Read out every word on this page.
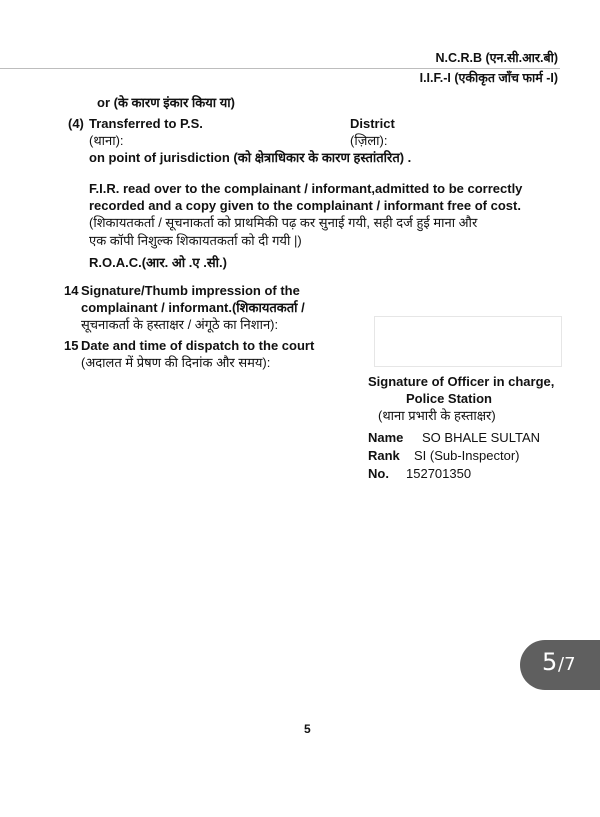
N.C.R.B (एन.सी.आर.बी)
I.I.F.-I (एकीकृत जाँच फार्म -I)
or (के कारण इंकार किया या)
(4) Transferred to P.S.	District
(थाना):	(ज़िला):
on point of jurisdiction (को क्षेत्राधिकार के कारण हस्तांतरित) .
F.I.R. read over to the complainant / informant,admitted to be correctly
recorded and a copy given to the complainant / informant free of cost.
(शिकायतकर्ता / सूचनाकर्ता को प्राथमिकी पढ़ कर सुनाई गयी, सही दर्ज हुई माना और
एक कॉपी निशुल्क शिकायतकर्ता को दी गयी |)
R.O.A.C.(आर. ओ .ए .सी.)
14 Signature/Thumb impression of the
complainant / informant.(शिकायतकर्ता /
सूचनाकर्ता के हस्ताक्षर / अंगूठे का निशान):
15 Date and time of dispatch to the court
(अदालत में प्रेषण की दिनांक और समय):
Signature of Officer in charge,
Police Station
(थाना प्रभारी के हस्ताक्षर)
Name SO BHALE SULTAN
Rank SI (Sub-Inspector)
No. 152701350
5 /7
5
